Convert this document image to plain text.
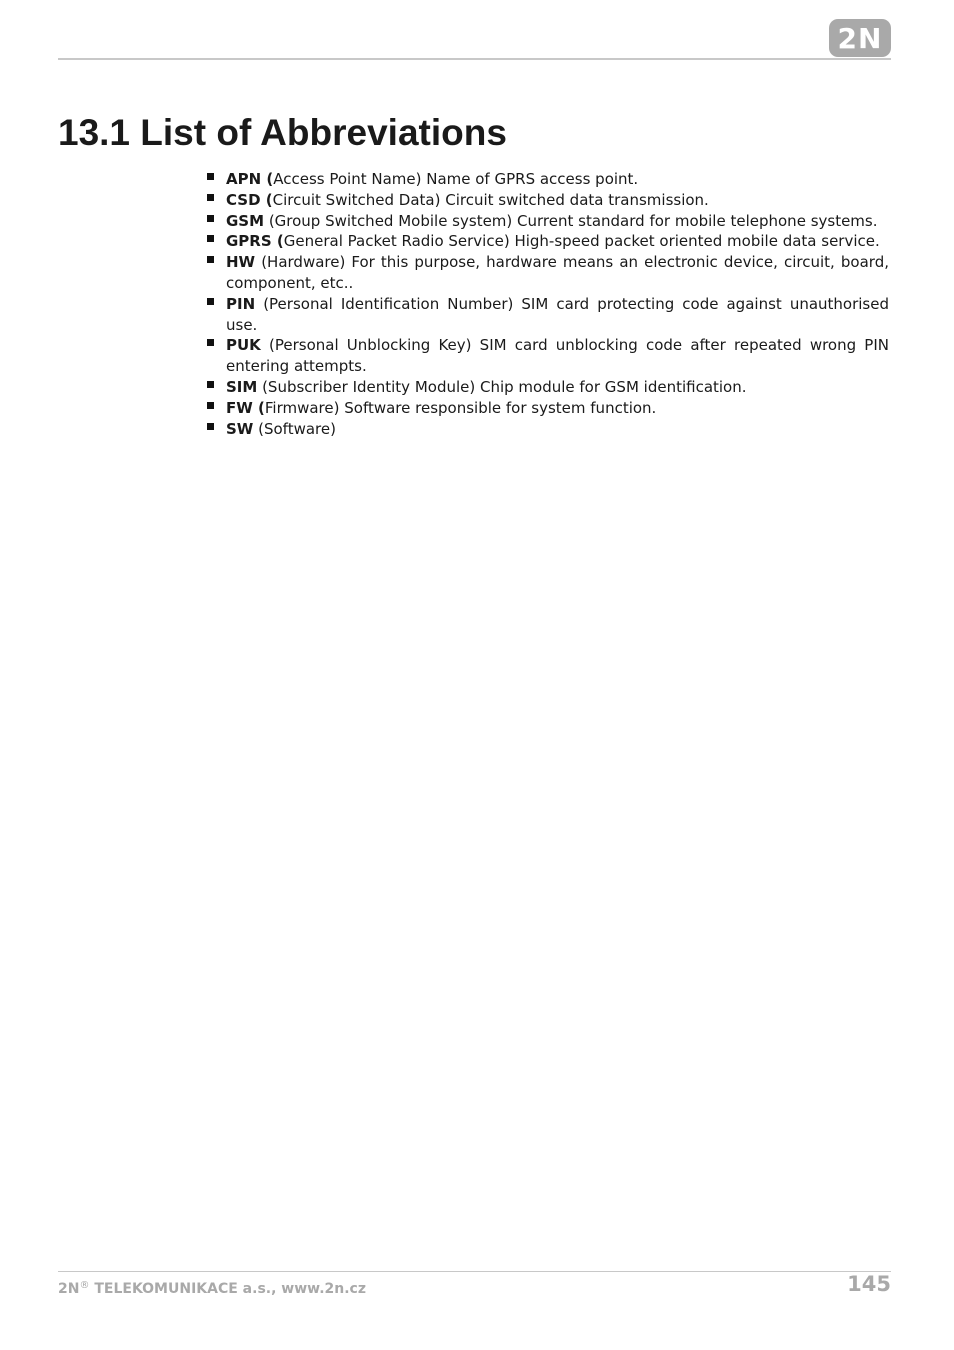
2N
13.1 List of Abbreviations
APN (Access Point Name) Name of GPRS access point.
CSD (Circuit Switched Data) Circuit switched data transmission.
GSM (Group Switched Mobile system) Current standard for mobile telephone systems.
GPRS (General Packet Radio Service) High-speed packet oriented mobile data service.
HW (Hardware) For this purpose, hardware means an electronic device, circuit, board, component, etc..
PIN (Personal Identification Number) SIM card protecting code against unauthorised use.
PUK (Personal Unblocking Key) SIM card unblocking code after repeated wrong PIN entering attempts.
SIM (Subscriber Identity Module) Chip module for GSM identification.
FW (Firmware) Software responsible for system function.
SW (Software)
2N® TELEKOMUNIKACE a.s., www.2n.cz	145
